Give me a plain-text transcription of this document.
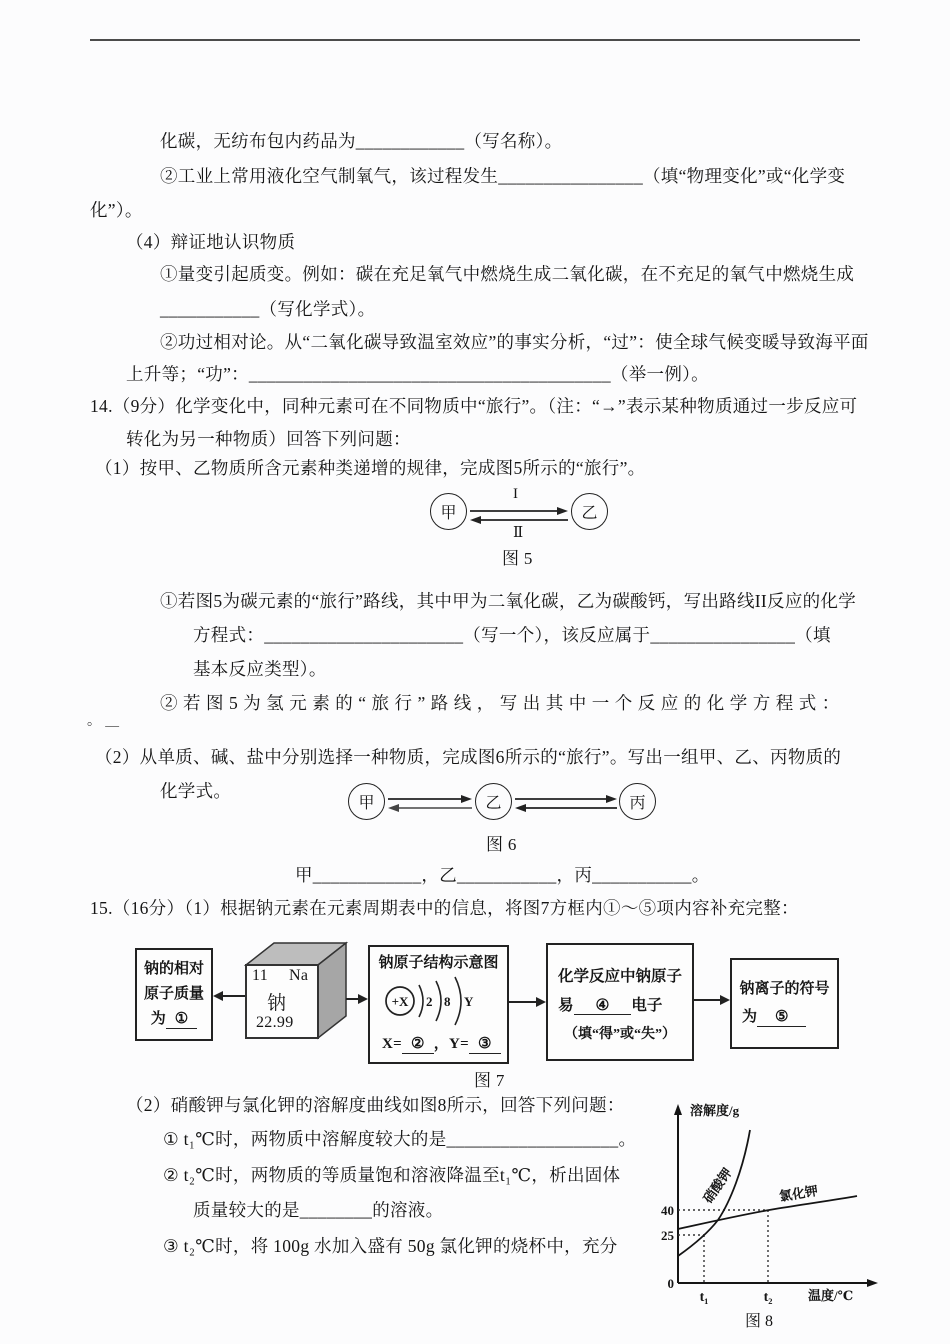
化碳，无纺布包内药品为____________（写名称）。
②工业上常用液化空气制氧气，该过程发生________________（填“物理变化”或“化学变
化”）。
（4）辩证地认识物质
①量变引起质变。例如：碳在充足氧气中燃烧生成二氧化碳，在不充足的氧气中燃烧生成
___________（写化学式）。
②功过相对论。从“二氧化碳导致温室效应”的事实分析，“过”：使全球气候变暖导致海平面
上升等；“功”：________________________________________（举一例）。
14.（9分）化学变化中，同种元素可在不同物质中“旅行”。（注：“→”表示某种物质通过一步反应可
转化为另一种物质）回答下列问题：
（1）按甲、乙物质所含元素种类递增的规律，完成图5所示的“旅行”。
甲
I
Ⅱ
乙
图 5
①若图5为碳元素的“旅行”路线，其中甲为二氧化碳，乙为碳酸钙，写出路线II反应的化学
方程式：______________________（写一个），该反应属于________________（填
基本反应类型）。
②若图5为氢元素的“旅行”路线，写出其中一个反应的化学方程式：
。 ＿
（2）从单质、碱、盐中分别选择一种物质，完成图6所示的“旅行”。写出一组甲、乙、丙物质的
化学式。
甲	乙	丙
图 6
甲____________，乙___________，丙___________。
15.（16分）（1）根据钠元素在元素周期表中的信息，将图7方框内①～⑤项内容补充完整：
钠的相对
原子质量
为 ①
11 Na
钠
22.99
钠原子结构示意图
+X 2 8 Y
X= ② ，Y= ③
图 7
化学反应中钠原子
易 ④ 电子
（填“得”或“失”）
钠离子的符号
为 ⑤
（2）硝酸钾与氯化钾的溶解度曲线如图8所示，回答下列问题：
① t₁℃时，两物质中溶解度较大的是___________________。
② t₂℃时，两物质的等质量饱和溶液降温至t₁℃，析出固体
质量较大的是________的溶液。
③ t₂℃时，将 100g 水加入盛有 50g 氯化钾的烧杯中，充分
溶解度/g
40
25
0
t₁	t₂	温度/℃
硝酸钾	氯化钾
图 8
